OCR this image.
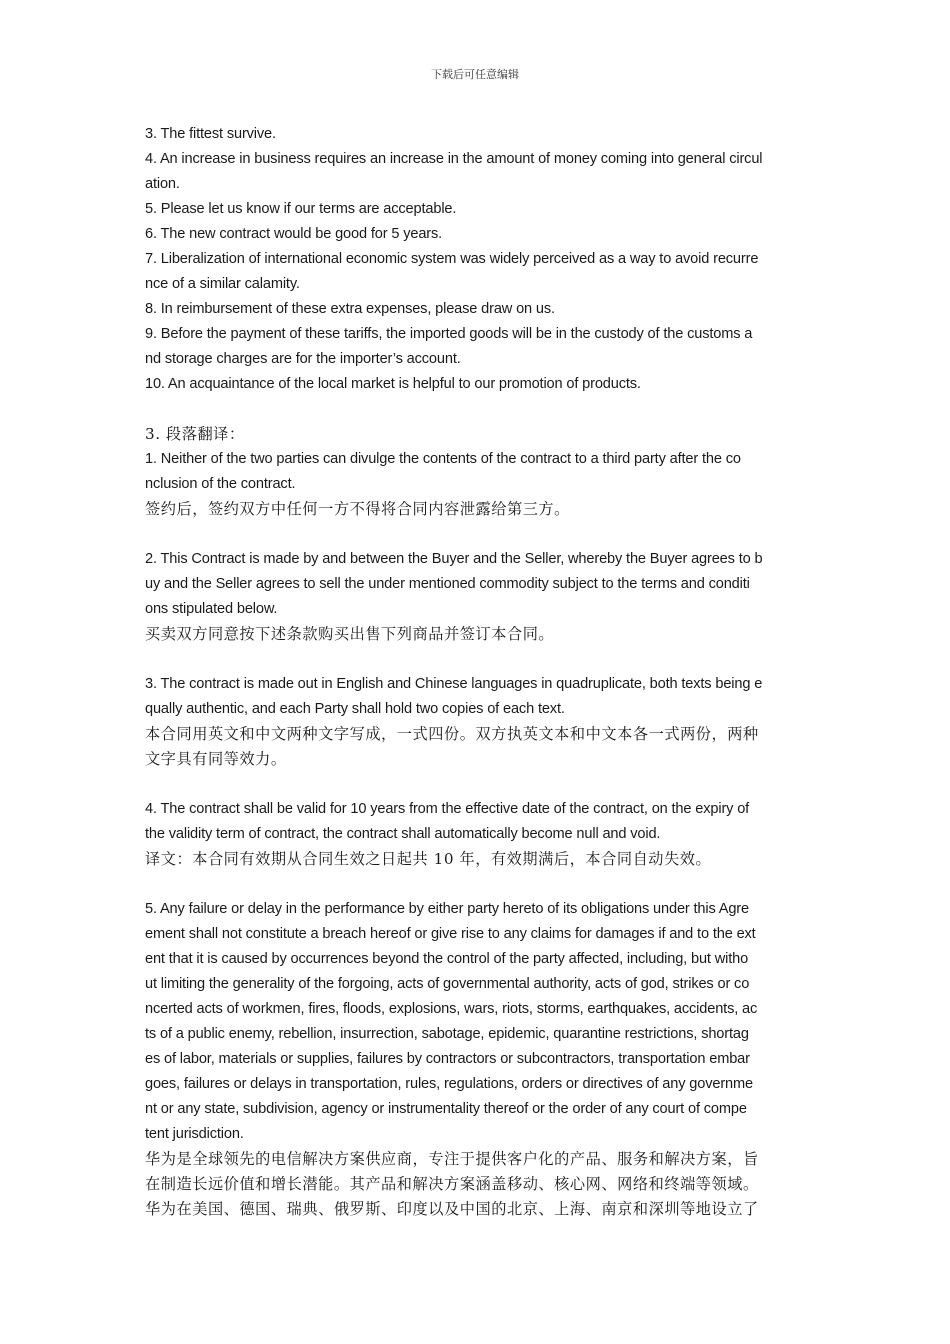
下载后可任意编辑
3. The fittest survive.
4. An increase in business requires an increase in the amount of money coming into general circul
ation.
5. Please let us know if our terms are acceptable.
6. The new contract would be good for 5 years.
7. Liberalization of international economic system was widely perceived as a way to avoid recurre
nce of a similar calamity.
8. In reimbursement of these extra expenses, please draw on us.
9. Before the payment of these tariffs, the imported goods will be in the custody of the customs a
nd storage charges are for the importer’s account.
10. An acquaintance of the local market is helpful to our promotion of products.
3. 段落翻译：
1. Neither of the two parties can divulge the contents of the contract to a third party after the co
nclusion of the contract.
签约后，签约双方中任何一方不得将合同内容泄露给第三方。
2. This Contract is made by and between the Buyer and the Seller, whereby the Buyer agrees to b
uy and the Seller agrees to sell the under mentioned commodity subject to the terms and conditi
ons stipulated below.
买卖双方同意按下述条款购买出售下列商品并签订本合同。
3. The contract is made out in English and Chinese languages in quadruplicate, both texts being e
qually authentic, and each Party shall hold two copies of each text.
本合同用英文和中文两种文字写成，一式四份。双方执英文本和中文本各一式两份，两种
文字具有同等效力。
4. The contract shall be valid for 10 years from the effective date of the contract, on the expiry of
the validity term of contract, the contract shall automatically become null and void.
译文：本合同有效期从合同生效之日起共 10 年，有效期满后，本合同自动失效。
5. Any failure or delay in the performance by either party hereto of its obligations under this Agre
ement shall not constitute a breach hereof or give rise to any claims for damages if and to the ext
ent that it is caused by occurrences beyond the control of the party affected, including, but witho
ut limiting the generality of the forgoing, acts of governmental authority, acts of god, strikes or co
ncerted acts of workmen, fires, floods, explosions, wars, riots, storms, earthquakes, accidents, ac
ts of a public enemy, rebellion, insurrection, sabotage, epidemic, quarantine restrictions, shortag
es of labor, materials or supplies, failures by contractors or subcontractors, transportation embar
goes, failures or delays in transportation, rules, regulations, orders or directives of any governme
nt or any state, subdivision, agency or instrumentality thereof or the order of any court of compe
tent jurisdiction.
华为是全球领先的电信解决方案供应商，专注于提供客户化的产品、服务和解决方案，旨
在制造长远价值和增长潜能。其产品和解决方案涵盖移动、核心网、网络和终端等领域。
华为在美国、德国、瑞典、俄罗斯、印度以及中国的北京、上海、南京和深圳等地设立了
